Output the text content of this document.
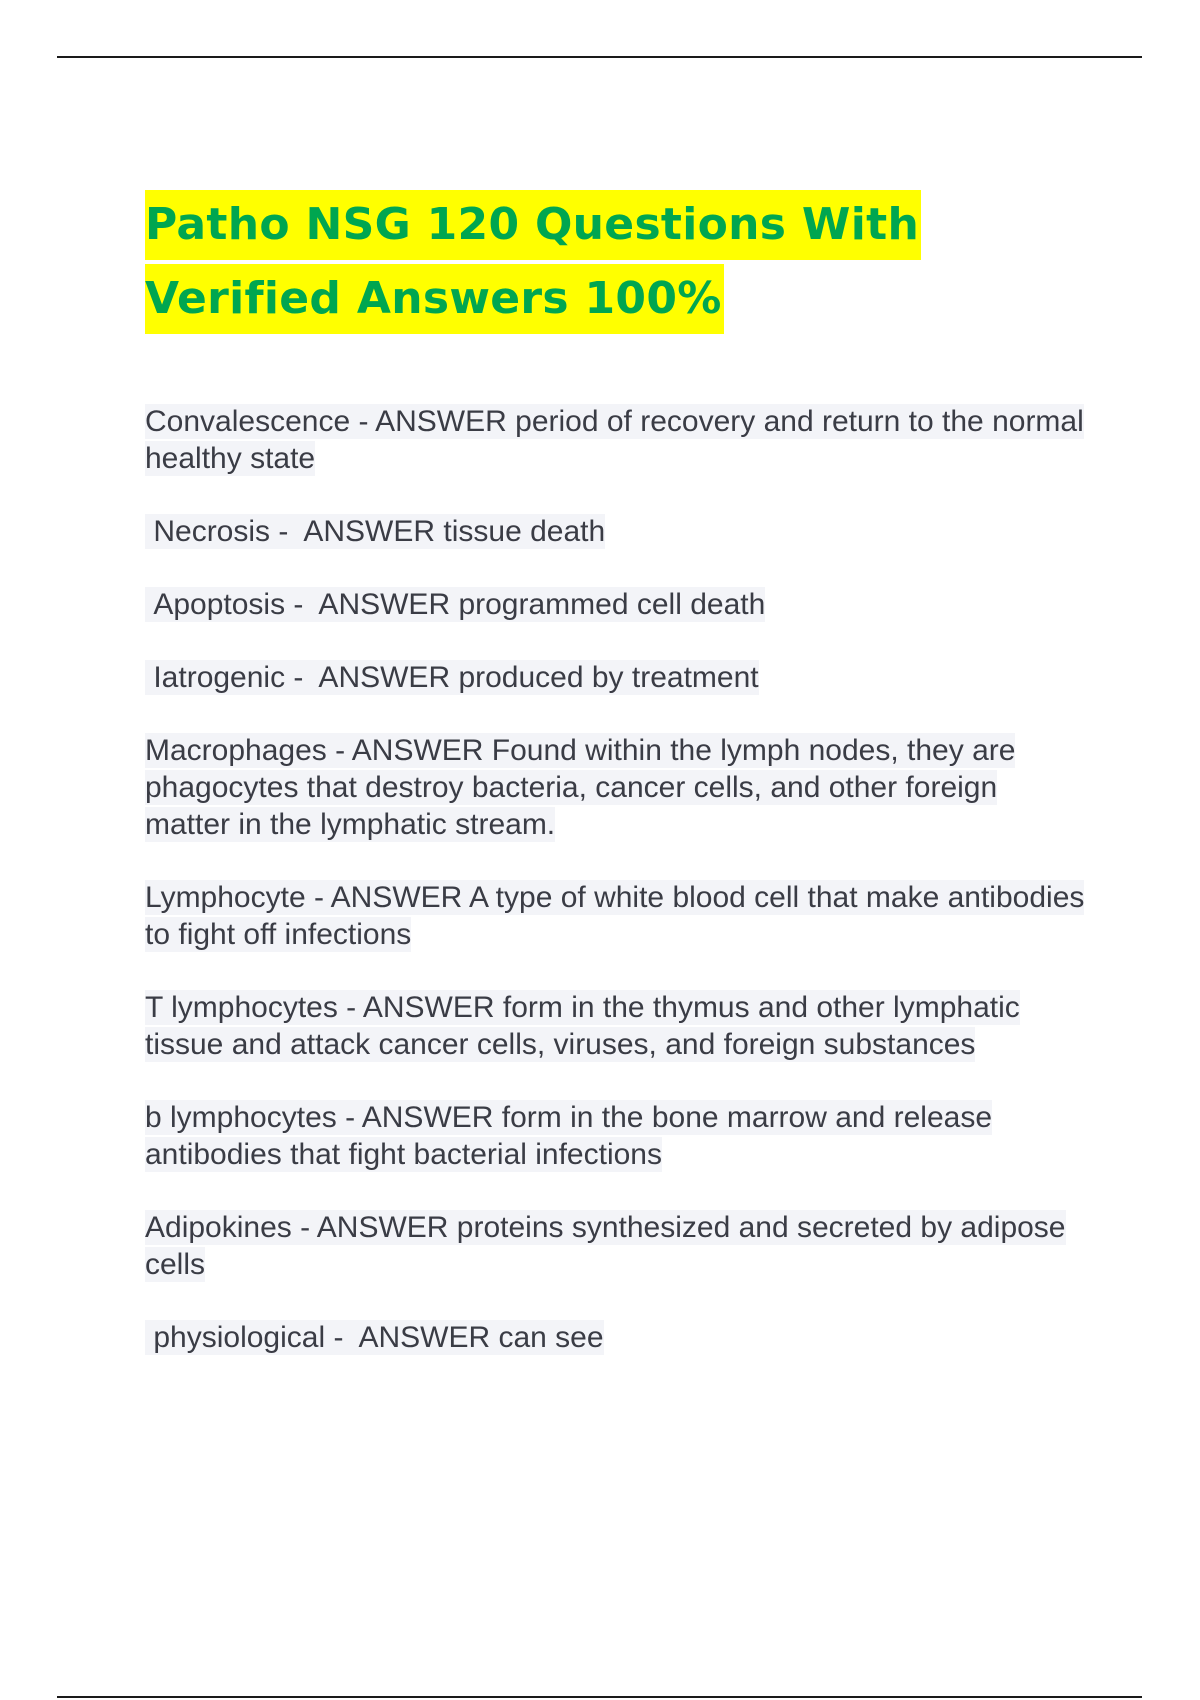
Patho NSG 120 Questions With
Verified Answers 100%

Convalescence - ANSWER period of recovery and return to the normal healthy state

Necrosis -  ANSWER tissue death

Apoptosis -  ANSWER programmed cell death

Iatrogenic -  ANSWER produced by treatment

Macrophages - ANSWER Found within the lymph nodes, they are phagocytes that destroy bacteria, cancer cells, and other foreign matter in the lymphatic stream.

Lymphocyte - ANSWER A type of white blood cell that make antibodies to fight off infections

T lymphocytes - ANSWER form in the thymus and other lymphatic tissue and attack cancer cells, viruses, and foreign substances

b lymphocytes - ANSWER form in the bone marrow and release antibodies that fight bacterial infections

Adipokines - ANSWER proteins synthesized and secreted by adipose cells

physiological -  ANSWER can see
